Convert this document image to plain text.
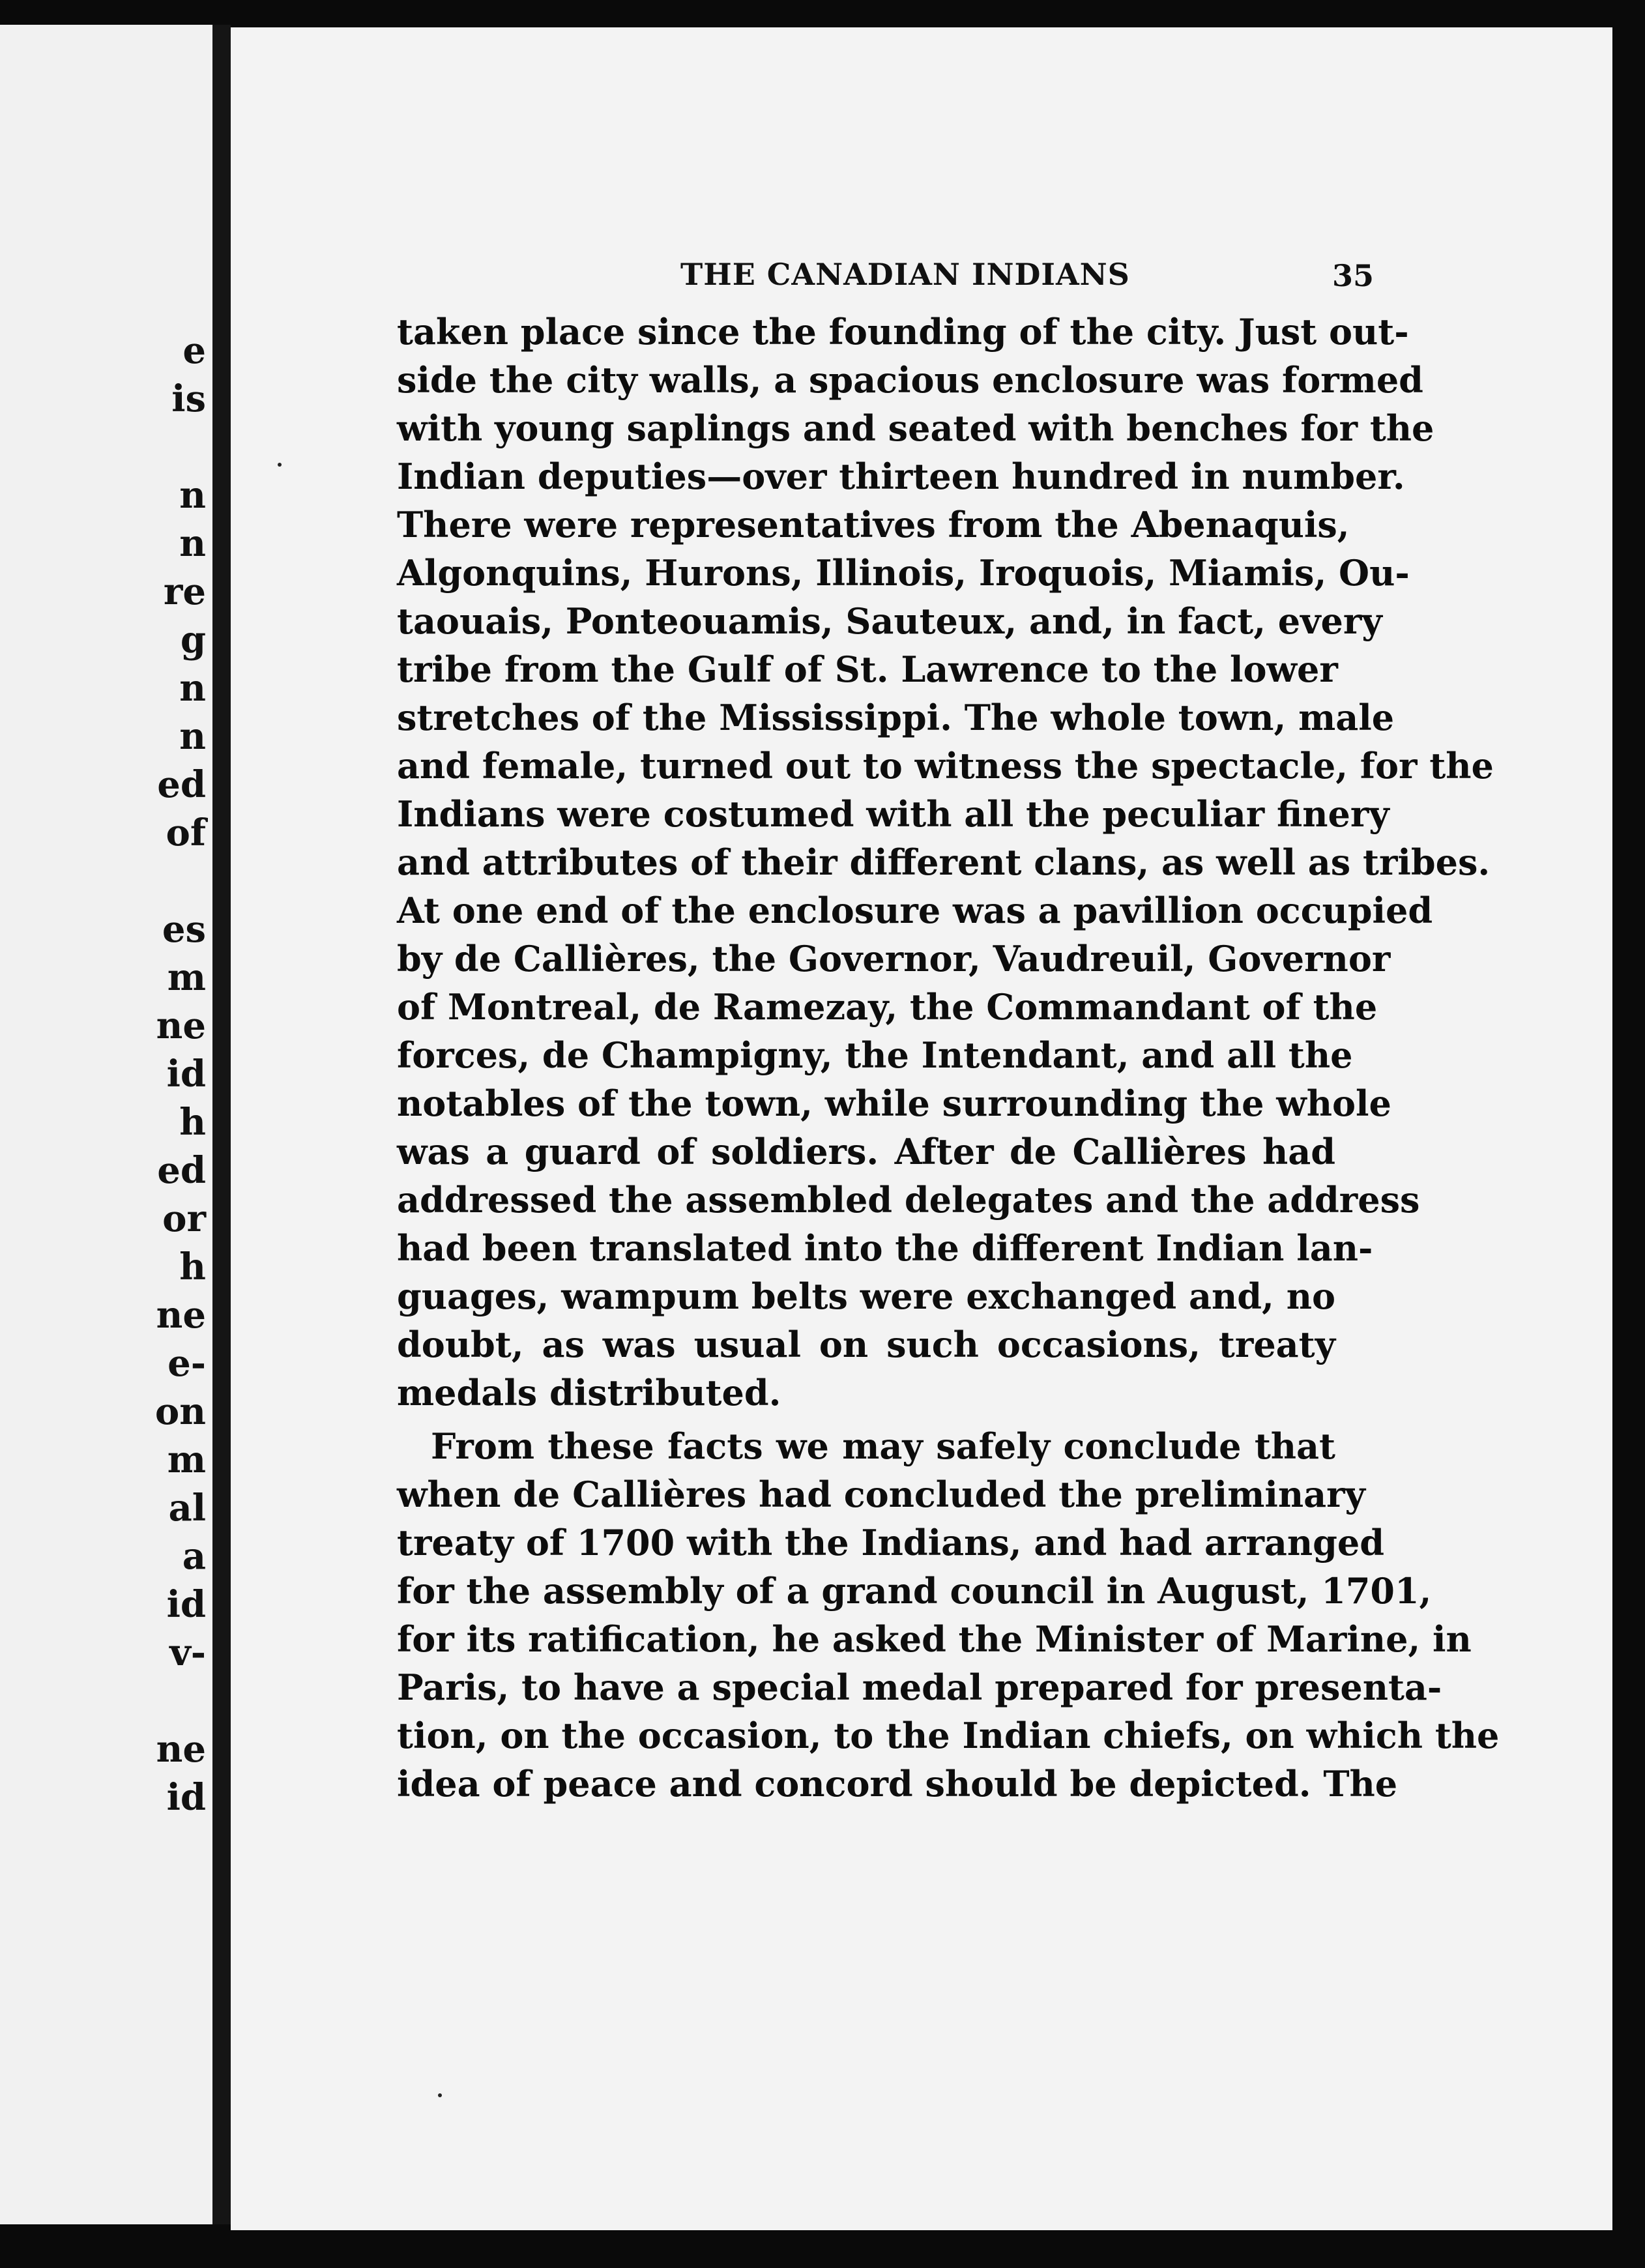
e
is
n
n
re
g
n
n
ed
of
es
m
ne
id
h
ed
or
h
ne
e-
on
m
al
a
id
v-
ne
id
THE CANADIAN INDIANS	35
taken place since the founding of the city. Just out-
side the city walls, a spacious enclosure was formed
with young saplings and seated with benches for the
Indian deputies—over thirteen hundred in number.
There were representatives from the Abenaquis,
Algonquins, Hurons, Illinois, Iroquois, Miamis, Ou-
taouais, Ponteouamis, Sauteux, and, in fact, every
tribe from the Gulf of St. Lawrence to the lower
stretches of the Mississippi. The whole town, male
and female, turned out to witness the spectacle, for the
Indians were costumed with all the peculiar finery
and attributes of their different clans, as well as tribes.
At one end of the enclosure was a pavillion occupied
by de Callières, the Governor, Vaudreuil, Governor
of Montreal, de Ramezay, the Commandant of the
forces, de Champigny, the Intendant, and all the
notables of the town, while surrounding the whole
was a guard of soldiers. After de Callières had
addressed the assembled delegates and the address
had been translated into the different Indian lan-
guages, wampum belts were exchanged and, no
doubt, as was usual on such occasions, treaty
medals distributed.
From these facts we may safely conclude that
when de Callières had concluded the preliminary
treaty of 1700 with the Indians, and had arranged
for the assembly of a grand council in August, 1701,
for its ratification, he asked the Minister of Marine, in
Paris, to have a special medal prepared for presenta-
tion, on the occasion, to the Indian chiefs, on which the
idea of peace and concord should be depicted. The
